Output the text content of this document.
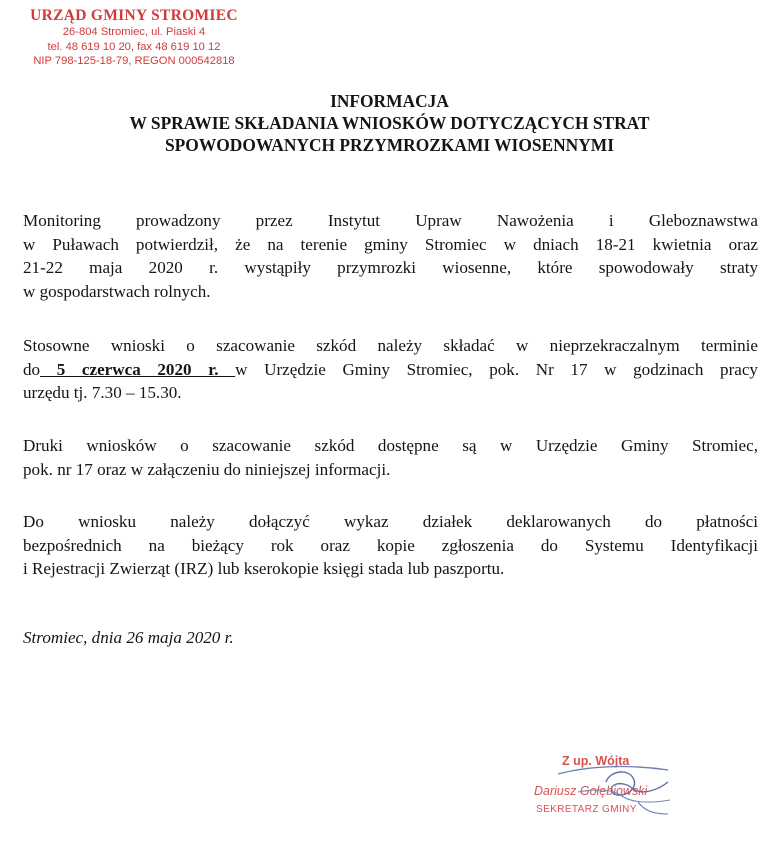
URZĄD GMINY STROMIEC
26-804 Stromiec, ul. Piaski 4
tel. 48 619 10 20, fax 48 619 10 12
NIP 798-125-18-79, REGON 000542818
INFORMACJA
W SPRAWIE SKŁADANIA WNIOSKÓW DOTYCZĄCYCH STRAT
SPOWODOWANYCH PRZYMROZKAMI WIOSENNYMI
Monitoring prowadzony przez Instytut Upraw Nawożenia i Gleboznawstwa
w Puławach potwierdził, że na terenie gminy Stromiec w dniach 18-21 kwietnia oraz
21-22 maja 2020 r. wystąpiły przymrozki wiosenne, które spowodowały straty
w gospodarstwach rolnych.
Stosowne wnioski o szacowanie szkód należy składać w nieprzekraczalnym terminie
do 5 czerwca 2020 r. w Urzędzie Gminy Stromiec, pok. Nr 17 w godzinach pracy
urzędu tj. 7.30 – 15.30.
Druki wniosków o szacowanie szkód dostępne są w Urzędzie Gminy Stromiec,
pok. nr 17 oraz w załączeniu do niniejszej informacji.
Do wniosku należy dołączyć wykaz działek deklarowanych do płatności
bezpośrednich na bieżący rok oraz kopie zgłoszenia do Systemu Identyfikacji
i Rejestracji Zwierząt (IRZ) lub kserokopie księgi stada lub paszportu.
Stromiec, dnia 26 maja 2020 r.
Z up. Wójta
Dariusz Gołębiowski
SEKRETARZ GMINY
